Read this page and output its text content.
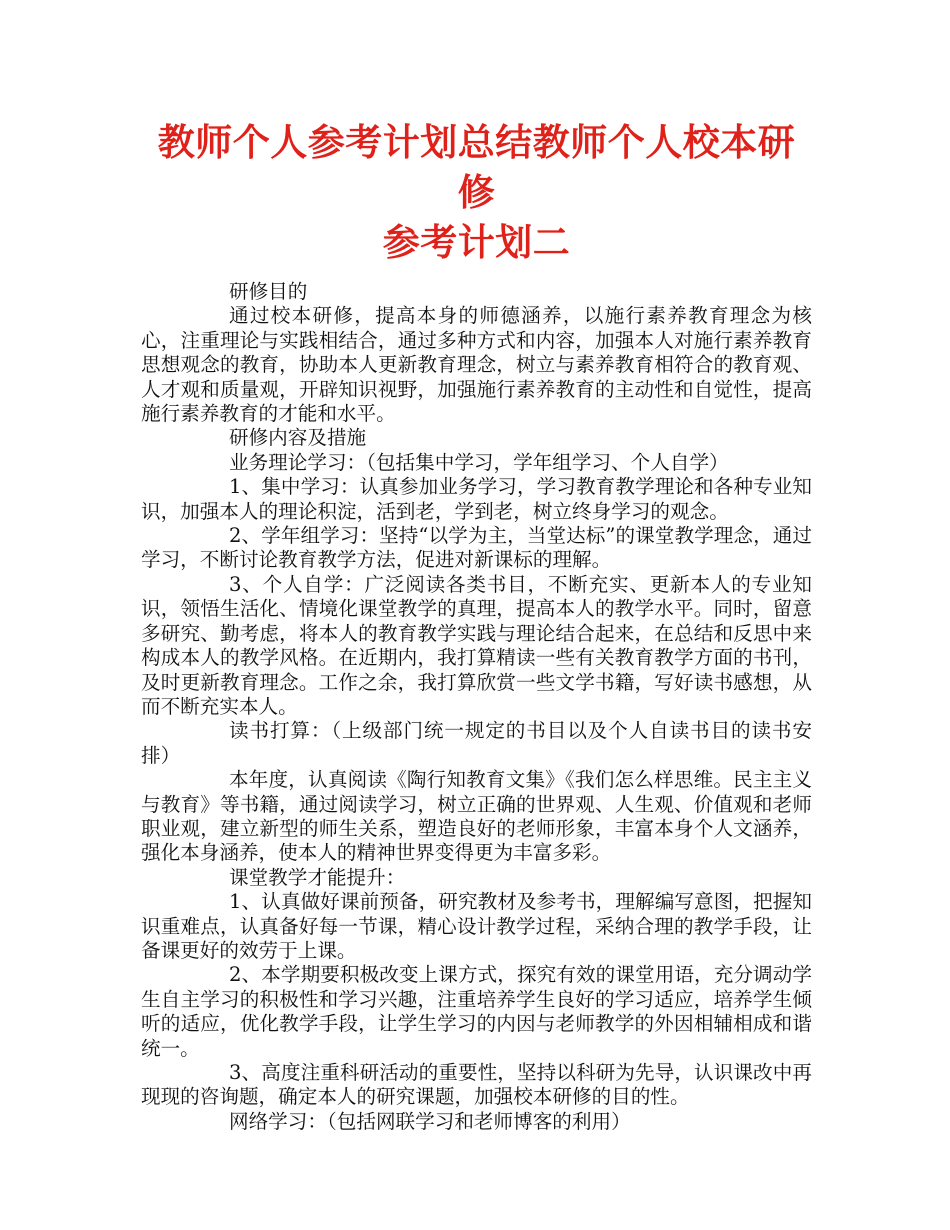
教师个人参考计划总结教师个人校本研修
参考计划二

研修目的

通过校本研修，提高本身的师德涵养，以施行素养教育理念为核心，注重理论与实践相结合，通过多种方式和内容，加强本人对施行素养教育思想观念的教育，协助本人更新教育理念，树立与素养教育相符合的教育观、人才观和质量观，开辟知识视野，加强施行素养教育的主动性和自觉性，提高施行素养教育的才能和水平。

研修内容及措施

业务理论学习：（包括集中学习，学年组学习、个人自学）

1、集中学习：认真参加业务学习，学习教育教学理论和各种专业知识，加强本人的理论积淀，活到老，学到老，树立终身学习的观念。

2、学年组学习：坚持“以学为主，当堂达标”的课堂教学理念，通过学习，不断讨论教育教学方法，促进对新课标的理解。

3、个人自学：广泛阅读各类书目，不断充实、更新本人的专业知识，领悟生活化、情境化课堂教学的真理，提高本人的教学水平。同时，留意多研究、勤考虑，将本人的教育教学实践与理论结合起来，在总结和反思中来构成本人的教学风格。在近期内，我打算精读一些有关教育教学方面的书刊，及时更新教育理念。工作之余，我打算欣赏一些文学书籍，写好读书感想，从而不断充实本人。

读书打算：（上级部门统一规定的书目以及个人自读书目的读书安排）

本年度，认真阅读《陶行知教育文集》《我们怎么样思维。民主主义与教育》等书籍，通过阅读学习，树立正确的世界观、人生观、价值观和老师职业观，建立新型的师生关系，塑造良好的老师形象，丰富本身个人文涵养，强化本身涵养，使本人的精神世界变得更为丰富多彩。

课堂教学才能提升：

1、认真做好课前预备，研究教材及参考书，理解编写意图，把握知识重难点，认真备好每一节课，精心设计教学过程，采纳合理的教学手段，让备课更好的效劳于上课。

2、本学期要积极改变上课方式，探究有效的课堂用语，充分调动学生自主学习的积极性和学习兴趣，注重培养学生良好的学习适应，培养学生倾听的适应，优化教学手段，让学生学习的内因与老师教学的外因相辅相成和谐统一。

3、高度注重科研活动的重要性，坚持以科研为先导，认识课改中再现现的咨询题，确定本人的研究课题，加强校本研修的目的性。

网络学习：（包括网联学习和老师博客的利用）
